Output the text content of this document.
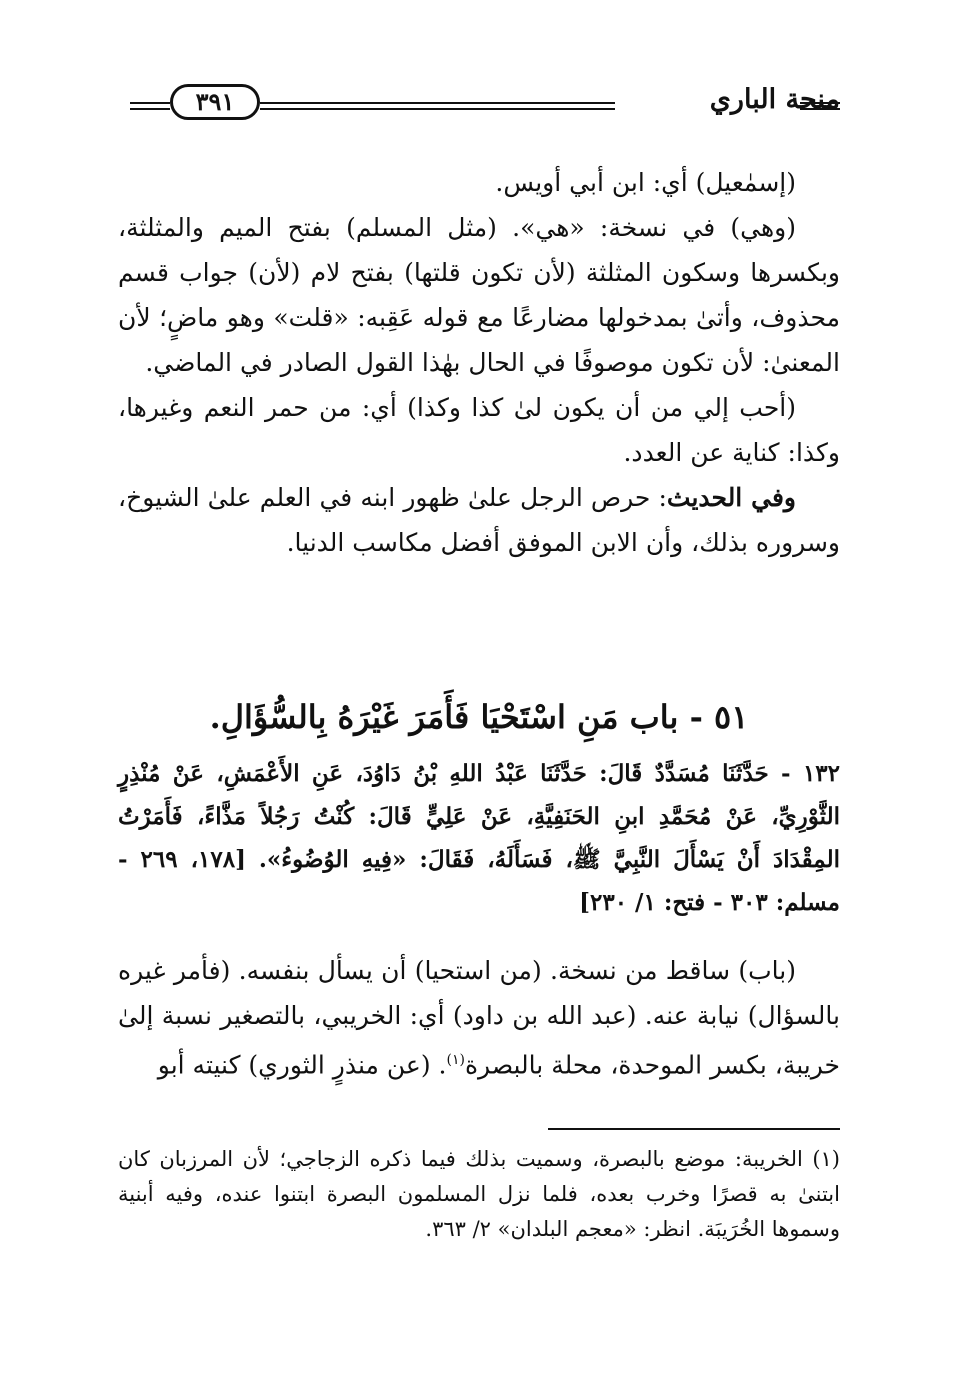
منحة الباري
٣٩١

(إسمٰعيل) أي: ابن أبي أويس.

(وهي) في نسخة: «هي». (مثل المسلم) بفتح الميم والمثلثة، وبكسرها وسكون المثلثة (لأن تكون قلتها) بفتح لام (لأن) جواب قسم محذوف، وأتىٰ بمدخولها مضارعًا مع قوله عَقِبه: «قلت» وهو ماضٍ؛ لأن المعنىٰ: لأن تكون موصوفًا في الحال بهٰذا القول الصادر في الماضي.

(أحب إلي من أن يكون لىٰ كذا وكذا) أي: من حمر النعم وغيرها، وكذا: كناية عن العدد.

وفي الحديث: حرص الرجل علىٰ ظهور ابنه في العلم علىٰ الشيوخ، وسروره بذلك، وأن الابن الموفق أفضل مكاسب الدنيا.

٥١ - باب مَنِ اسْتَحْيَا فَأَمَرَ غَيْرَهُ بِالسُّؤَالِ.

١٣٢ - حَدَّثَنَا مُسَدَّدٌ قَالَ: حَدَّثَنَا عَبْدُ اللهِ بْنُ دَاوُدَ، عَنِ الأَعْمَشِ، عَنْ مُنْذِرٍ الثَّوْرِيِّ، عَنْ مُحَمَّدِ ابنِ الحَنَفِيَّةِ، عَنْ عَلِيٍّ قَالَ: كُنْتُ رَجُلاً مَذَّاءً، فَأَمَرْتُ المِقْدَادَ أَنْ يَسْأَلَ النَّبِيَّ ﷺ، فَسَأَلَهُ، فَقَالَ: «فِيهِ الوُضُوءُ». [١٧٨، ٢٦٩ - مسلم: ٣٠٣ - فتح: ١/ ٢٣٠]

(باب) ساقط من نسخة. (من استحيا) أن يسأل بنفسه. (فأمر غيره بالسؤال) نيابة عنه. (عبد الله بن داود) أي: الخريبي، بالتصغير نسبة إلىٰ خريبة، بكسر الموحدة، محلة بالبصرة$^{(١)}$. (عن منذرٍ الثوري) كنيته أبو

(١) الخريبة: موضع بالبصرة، وسميت بذلك فيما ذكره الزجاجي؛ لأن المرزبان كان ابتنىٰ به قصرًا وخرب بعده، فلما نزل المسلمون البصرة ابتنوا عنده، وفيه أبنية وسموها الخُرَيبَة. انظر: «معجم البلدان» ٢/ ٣٦٣.
